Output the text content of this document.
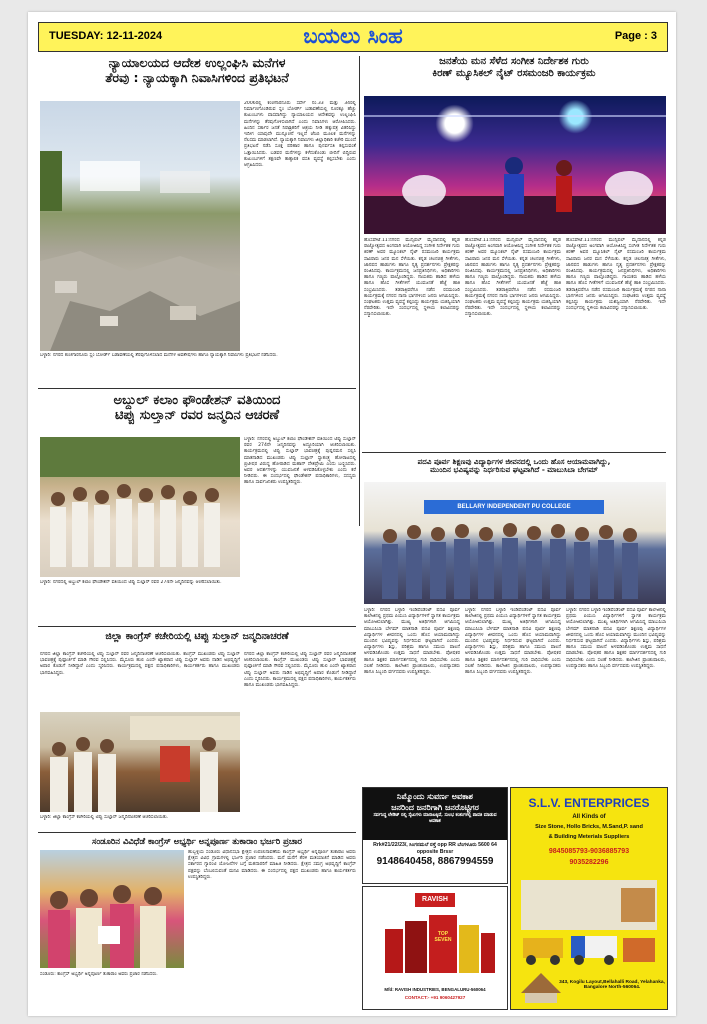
TUESDAY: 12-11-2024	ಬಯಲು ಸಿಂಹ	Page : 3
ನ್ಯಾಯಾಲಯದ ಆದೇಶ ಉಲ್ಲಂಘಿಸಿ ಮನೆಗಳ
ತೆರವು : ನ್ಯಾಯಕ್ಕಾಗಿ ನಿವಾಸಿಗಳಿಂದ ಪ್ರತಿಭಟನೆ
2006ರಲ್ಲಿ ಕಂಚಗಾರನೂರು ಸರ್ವೇ ನಂ.33 ಮತ್ತು 34ರಲ್ಲಿ ನಿರ್ಮಾಣಗೊಂಡಿರುವ ಸ್ಲಂ ಬೋರ್ಡ್ ಬಡಾವಣೆಯಲ್ಲಿ ನೂರಕ್ಕೂ ಹೆಚ್ಚು ಕುಟುಂಬಗಳು ವಾಸವಾಗಿದ್ದು ನ್ಯಾಯಾಲಯದ ಆದೇಶವನ್ನು ಉಲ್ಲಂಘಿಸಿ ಮನೆಗಳನ್ನು ತೆರವುಗೊಳಿಸಲಾಗಿದೆ ಎಂದು ನಿವಾಸಿಗಳು ಆರೋಪಿಸಿದರು. ಹಿಂದಿನ ಸರ್ಕಾರ ಜನತೆ ನಿರಾಶ್ರಿತರಿಗೆ ಆಶ್ರಯ ನೀಡಿ ಹಕ್ಕುಪತ್ರ ವಿತರಿಸಿದ್ದು ಇದೀಗ ಯಾವುದೇ ಮುನ್ಸೂಚನೆ ಇಲ್ಲದೆ ಜೆಸಿಬಿ ಮೂಲಕ ಮನೆಗಳನ್ನು ನೆಲಸಮ ಮಾಡಲಾಗಿದೆ. ನ್ಯಾಯಕ್ಕಾಗಿ ನಿವಾಸಿಗಳು ಜಿಲ್ಲಾಧಿಕಾರಿ ಕಚೇರಿ ಮುಂದೆ ಪ್ರತಿಭಟನೆ ನಡೆಸಿ ಸೂಕ್ತ ಪರಿಹಾರ ಹಾಗೂ ಪುನರ್ವಸತಿ ಕಲ್ಪಿಸುವಂತೆ ಒತ್ತಾಯಿಸಿದರು. ಬಡವರ ಮನೆಗಳನ್ನು ಕಳೆದುಕೊಂಡು ಬೀದಿಗೆ ಬಿದ್ದಿರುವ ಕುಟುಂಬಗಳಿಗೆ ತಕ್ಷಣವೇ ತಾತ್ಕಾಲಿಕ ವಸತಿ ವ್ಯವಸ್ಥೆ ಕಲ್ಪಿಸಬೇಕು ಎಂದು ಆಗ್ರಹಿಸಿದರು.
ಬಳ್ಳಾರಿ: ನಗರದ ಕಂಚಗಾರನೂರು ಸ್ಲಂ ಬೋರ್ಡ್ ಬಡಾವಣೆಯಲ್ಲಿ ತೆರವುಗೊಳಿಸಲಾದ ಮನೆಗಳ ಅವಶೇಷಗಳು ಹಾಗೂ ನ್ಯಾಯಕ್ಕಾಗಿ ನಿವಾಸಿಗಳು ಪ್ರತಿಭಟನೆ ನಡೆಸಿದರು.
ಜನತೆಯ ಮನ ಸೆಳೆದ ಸಂಗೀತ ನಿರ್ದೇಶಕ ಗುರು
ಕಿರಣ್ ಮ್ಯೂಸಿಕಲ್ ನೈಟ್ ರಸಮಂಜರಿ ಕಾರ್ಯಕ್ರಮ
ಹೊಸಪೇಟೆ.11:ನಗರದ ಮುನ್ಸಿಪಲ್ ಮೈದಾನದಲ್ಲಿ ಕನ್ನಡ ರಾಜ್ಯೋತ್ಸವದ ಅಂಗವಾಗಿ ಆಯೋಜಿಸಿದ್ದ ಸಂಗೀತ ನಿರ್ದೇಶಕ ಗುರು ಕಿರಣ್ ಅವರ ಮ್ಯೂಸಿಕಲ್ ನೈಟ್ ರಸಮಂಜರಿ ಕಾರ್ಯಕ್ರಮ ಸಾವಿರಾರು ಜನರ ಮನ ಸೆಳೆಯಿತು. ಕನ್ನಡ ಚಲನಚಿತ್ರ ಗೀತೆಗಳು, ಜಾನಪದ ಹಾಡುಗಳು ಹಾಗೂ ನೃತ್ಯ ಪ್ರದರ್ಶನಗಳು ಪ್ರೇಕ್ಷಕರನ್ನು ರಂಜಿಸಿದವು. ಕಾರ್ಯಕ್ರಮದಲ್ಲಿ ಜನಪ್ರತಿನಿಧಿಗಳು, ಅಧಿಕಾರಿಗಳು ಹಾಗೂ ಗಣ್ಯರು ಪಾಲ್ಗೊಂಡಿದ್ದರು. ಗಾಯಕರು ಹಾಡಿದ ಹಳೆಯ ಹಾಗೂ ಹೊಸ ಗೀತೆಗಳಿಗೆ ಯುವಜನತೆ ಹೆಜ್ಜೆ ಹಾಕಿ ಸಂಭ್ರಮಿಸಿದರು. ತಡರಾತ್ರಿವರೆಗೂ ನಡೆದ ರಸಮಂಜರಿ ಕಾರ್ಯಕ್ರಮಕ್ಕೆ ನಗರದ ನಾನಾ ಭಾಗಗಳಿಂದ ಜನರು ಆಗಮಿಸಿದ್ದರು. ಸಂಘಟಕರು ಉತ್ತಮ ವ್ಯವಸ್ಥೆ ಕಲ್ಪಿಸಿದ್ದು ಕಾರ್ಯಕ್ರಮ ಯಶಸ್ವಿಯಾಗಿ ನೆರವೇರಿತು. ಇದೇ ಸಂದರ್ಭದಲ್ಲಿ ಸ್ಥಳೀಯ ಕಲಾವಿದರನ್ನು ಸನ್ಮಾನಿಸಲಾಯಿತು.
ಹೊಸಪೇಟೆ.11:ನಗರದ ಮುನ್ಸಿಪಲ್ ಮೈದಾನದಲ್ಲಿ ಕನ್ನಡ ರಾಜ್ಯೋತ್ಸವದ ಅಂಗವಾಗಿ ಆಯೋಜಿಸಿದ್ದ ಸಂಗೀತ ನಿರ್ದೇಶಕ ಗುರು ಕಿರಣ್ ಅವರ ಮ್ಯೂಸಿಕಲ್ ನೈಟ್ ರಸಮಂಜರಿ ಕಾರ್ಯಕ್ರಮ ಸಾವಿರಾರು ಜನರ ಮನ ಸೆಳೆಯಿತು. ಕನ್ನಡ ಚಲನಚಿತ್ರ ಗೀತೆಗಳು, ಜಾನಪದ ಹಾಡುಗಳು ಹಾಗೂ ನೃತ್ಯ ಪ್ರದರ್ಶನಗಳು ಪ್ರೇಕ್ಷಕರನ್ನು ರಂಜಿಸಿದವು. ಕಾರ್ಯಕ್ರಮದಲ್ಲಿ ಜನಪ್ರತಿನಿಧಿಗಳು, ಅಧಿಕಾರಿಗಳು ಹಾಗೂ ಗಣ್ಯರು ಪಾಲ್ಗೊಂಡಿದ್ದರು. ಗಾಯಕರು ಹಾಡಿದ ಹಳೆಯ ಹಾಗೂ ಹೊಸ ಗೀತೆಗಳಿಗೆ ಯುವಜನತೆ ಹೆಜ್ಜೆ ಹಾಕಿ ಸಂಭ್ರಮಿಸಿದರು. ತಡರಾತ್ರಿವರೆಗೂ ನಡೆದ ರಸಮಂಜರಿ ಕಾರ್ಯಕ್ರಮಕ್ಕೆ ನಗರದ ನಾನಾ ಭಾಗಗಳಿಂದ ಜನರು ಆಗಮಿಸಿದ್ದರು. ಸಂಘಟಕರು ಉತ್ತಮ ವ್ಯವಸ್ಥೆ ಕಲ್ಪಿಸಿದ್ದು ಕಾರ್ಯಕ್ರಮ ಯಶಸ್ವಿಯಾಗಿ ನೆರವೇರಿತು. ಇದೇ ಸಂದರ್ಭದಲ್ಲಿ ಸ್ಥಳೀಯ ಕಲಾವಿದರನ್ನು ಸನ್ಮಾನಿಸಲಾಯಿತು.
ಹೊಸಪೇಟೆ.11:ನಗರದ ಮುನ್ಸಿಪಲ್ ಮೈದಾನದಲ್ಲಿ ಕನ್ನಡ ರಾಜ್ಯೋತ್ಸವದ ಅಂಗವಾಗಿ ಆಯೋಜಿಸಿದ್ದ ಸಂಗೀತ ನಿರ್ದೇಶಕ ಗುರು ಕಿರಣ್ ಅವರ ಮ್ಯೂಸಿಕಲ್ ನೈಟ್ ರಸಮಂಜರಿ ಕಾರ್ಯಕ್ರಮ ಸಾವಿರಾರು ಜನರ ಮನ ಸೆಳೆಯಿತು. ಕನ್ನಡ ಚಲನಚಿತ್ರ ಗೀತೆಗಳು, ಜಾನಪದ ಹಾಡುಗಳು ಹಾಗೂ ನೃತ್ಯ ಪ್ರದರ್ಶನಗಳು ಪ್ರೇಕ್ಷಕರನ್ನು ರಂಜಿಸಿದವು. ಕಾರ್ಯಕ್ರಮದಲ್ಲಿ ಜನಪ್ರತಿನಿಧಿಗಳು, ಅಧಿಕಾರಿಗಳು ಹಾಗೂ ಗಣ್ಯರು ಪಾಲ್ಗೊಂಡಿದ್ದರು. ಗಾಯಕರು ಹಾಡಿದ ಹಳೆಯ ಹಾಗೂ ಹೊಸ ಗೀತೆಗಳಿಗೆ ಯುವಜನತೆ ಹೆಜ್ಜೆ ಹಾಕಿ ಸಂಭ್ರಮಿಸಿದರು. ತಡರಾತ್ರಿವರೆಗೂ ನಡೆದ ರಸಮಂಜರಿ ಕಾರ್ಯಕ್ರಮಕ್ಕೆ ನಗರದ ನಾನಾ ಭಾಗಗಳಿಂದ ಜನರು ಆಗಮಿಸಿದ್ದರು. ಸಂಘಟಕರು ಉತ್ತಮ ವ್ಯವಸ್ಥೆ ಕಲ್ಪಿಸಿದ್ದು ಕಾರ್ಯಕ್ರಮ ಯಶಸ್ವಿಯಾಗಿ ನೆರವೇರಿತು. ಇದೇ ಸಂದರ್ಭದಲ್ಲಿ ಸ್ಥಳೀಯ ಕಲಾವಿದರನ್ನು ಸನ್ಮಾನಿಸಲಾಯಿತು.
ಅಬ್ದುಲ್ ಕಲಾಂ ಫೌಂಡೇಶನ್ ವತಿಯಿಂದ
ಟಿಪ್ಪು ಸುಲ್ತಾನ್ ರವರ ಜನ್ಮದಿನ ಆಚರಣೆ
ಬಳ್ಳಾರಿ: ನಗರದಲ್ಲಿ ಅಬ್ದುಲ್ ಕಲಾಂ ಫೌಂಡೇಶನ್ ವತಿಯಿಂದ ಟಿಪ್ಪು ಸುಲ್ತಾನ್ ರವರ 274ನೇ ಜನ್ಮದಿನವನ್ನು ಅದ್ದೂರಿಯಾಗಿ ಆಚರಿಸಲಾಯಿತು. ಕಾರ್ಯಕ್ರಮದಲ್ಲಿ ಟಿಪ್ಪು ಸುಲ್ತಾನ್ ಭಾವಚಿತ್ರಕ್ಕೆ ಪುಷ್ಪನಮನ ಸಲ್ಲಿಸಿ ಮಾತನಾಡಿದ ಮುಖಂಡರು ಟಿಪ್ಪು ಸುಲ್ತಾನ್ ಸ್ವಾತಂತ್ರ್ಯ ಹೋರಾಟದಲ್ಲಿ ಬ್ರಿಟೀಷರ ವಿರುದ್ಧ ಹೋರಾಡಿದ ಮಹಾನ್ ದೇಶಪ್ರೇಮಿ ಎಂದು ಬಣ್ಣಿಸಿದರು. ಅವರ ಆದರ್ಶಗಳನ್ನು ಯುವಜನತೆ ಅಳವಡಿಸಿಕೊಳ್ಳಬೇಕು ಎಂದು ಕರೆ ನೀಡಿದರು. ಈ ಸಂದರ್ಭದಲ್ಲಿ ಫೌಂಡೇಶನ್ ಪದಾಧಿಕಾರಿಗಳು, ಸದಸ್ಯರು ಹಾಗೂ ಸಾರ್ವಜನಿಕರು ಉಪಸ್ಥಿತರಿದ್ದರು.
ಬಳ್ಳಾರಿ: ನಗರದಲ್ಲಿ ಅಬ್ದುಲ್ ಕಲಾಂ ಫೌಂಡೇಶನ್ ವತಿಯಿಂದ ಟಿಪ್ಪು ಸುಲ್ತಾನ್ ರವರ 274ನೇ ಜನ್ಮದಿನವನ್ನು ಆಚರಿಸಲಾಯಿತು.
ಪದವಿ ಪೂರ್ವ ಶಿಕ್ಷಣವು ವಿದ್ಯಾರ್ಥಿಗಳ ಜೀವನದಲ್ಲಿ ಒಂದು ಹೊಸ ಆಯಾಮವಾಗಿದ್ದು,
ಮುಂದಿನ ಭವಿಷ್ಯವನ್ನು ನಿರ್ಧರಿಸುವ ಘಟ್ಟವಾಗಿದೆ - ಮಾಬುಸಿಬಾ ಬೇಗಮ್
BELLARY INDEPENDENT PU COLLEGE
ಬಳ್ಳಾರಿ: ನಗರದ ಬಳ್ಳಾರಿ ಇಂಡಿಪೆಂಡೆಂಟ್ ಪದವಿ ಪೂರ್ವ ಕಾಲೇಜಿನಲ್ಲಿ ಪ್ರಥಮ ಪಿಯುಸಿ ವಿದ್ಯಾರ್ಥಿಗಳಿಗೆ ಸ್ವಾಗತ ಕಾರ್ಯಕ್ರಮ ಆಯೋಜಿಸಲಾಗಿತ್ತು. ಮುಖ್ಯ ಅತಿಥಿಗಳಾಗಿ ಆಗಮಿಸಿದ್ದ ಮಾಬುಸಿಬಾ ಬೇಗಮ್ ಮಾತನಾಡಿ ಪದವಿ ಪೂರ್ವ ಶಿಕ್ಷಣವು ವಿದ್ಯಾರ್ಥಿಗಳ ಜೀವನದಲ್ಲಿ ಒಂದು ಹೊಸ ಆಯಾಮವಾಗಿದ್ದು ಮುಂದಿನ ಭವಿಷ್ಯವನ್ನು ನಿರ್ಧರಿಸುವ ಘಟ್ಟವಾಗಿದೆ ಎಂದರು. ವಿದ್ಯಾರ್ಥಿಗಳು ಶಿಸ್ತು, ಪರಿಶ್ರಮ ಹಾಗೂ ಸಮಯ ಪಾಲನೆ ಅಳವಡಿಸಿಕೊಂಡು ಉತ್ತಮ ಸಾಧನೆ ಮಾಡಬೇಕು. ಪೋಷಕರ ಹಾಗೂ ಶಿಕ್ಷಕರ ಮಾರ್ಗದರ್ಶನದಲ್ಲಿ ಗುರಿ ಸಾಧಿಸಬೇಕು ಎಂದು ಸಲಹೆ ನೀಡಿದರು. ಕಾಲೇಜಿನ ಪ್ರಾಂಶುಪಾಲರು, ಉಪನ್ಯಾಸಕರು ಹಾಗೂ ಸಿಬ್ಬಂದಿ ವರ್ಗದವರು ಉಪಸ್ಥಿತರಿದ್ದರು.
ಬಳ್ಳಾರಿ: ನಗರದ ಬಳ್ಳಾರಿ ಇಂಡಿಪೆಂಡೆಂಟ್ ಪದವಿ ಪೂರ್ವ ಕಾಲೇಜಿನಲ್ಲಿ ಪ್ರಥಮ ಪಿಯುಸಿ ವಿದ್ಯಾರ್ಥಿಗಳಿಗೆ ಸ್ವಾಗತ ಕಾರ್ಯಕ್ರಮ ಆಯೋಜಿಸಲಾಗಿತ್ತು. ಮುಖ್ಯ ಅತಿಥಿಗಳಾಗಿ ಆಗಮಿಸಿದ್ದ ಮಾಬುಸಿಬಾ ಬೇಗಮ್ ಮಾತನಾಡಿ ಪದವಿ ಪೂರ್ವ ಶಿಕ್ಷಣವು ವಿದ್ಯಾರ್ಥಿಗಳ ಜೀವನದಲ್ಲಿ ಒಂದು ಹೊಸ ಆಯಾಮವಾಗಿದ್ದು ಮುಂದಿನ ಭವಿಷ್ಯವನ್ನು ನಿರ್ಧರಿಸುವ ಘಟ್ಟವಾಗಿದೆ ಎಂದರು. ವಿದ್ಯಾರ್ಥಿಗಳು ಶಿಸ್ತು, ಪರಿಶ್ರಮ ಹಾಗೂ ಸಮಯ ಪಾಲನೆ ಅಳವಡಿಸಿಕೊಂಡು ಉತ್ತಮ ಸಾಧನೆ ಮಾಡಬೇಕು. ಪೋಷಕರ ಹಾಗೂ ಶಿಕ್ಷಕರ ಮಾರ್ಗದರ್ಶನದಲ್ಲಿ ಗುರಿ ಸಾಧಿಸಬೇಕು ಎಂದು ಸಲಹೆ ನೀಡಿದರು. ಕಾಲೇಜಿನ ಪ್ರಾಂಶುಪಾಲರು, ಉಪನ್ಯಾಸಕರು ಹಾಗೂ ಸಿಬ್ಬಂದಿ ವರ್ಗದವರು ಉಪಸ್ಥಿತರಿದ್ದರು.
ಬಳ್ಳಾರಿ: ನಗರದ ಬಳ್ಳಾರಿ ಇಂಡಿಪೆಂಡೆಂಟ್ ಪದವಿ ಪೂರ್ವ ಕಾಲೇಜಿನಲ್ಲಿ ಪ್ರಥಮ ಪಿಯುಸಿ ವಿದ್ಯಾರ್ಥಿಗಳಿಗೆ ಸ್ವಾಗತ ಕಾರ್ಯಕ್ರಮ ಆಯೋಜಿಸಲಾಗಿತ್ತು. ಮುಖ್ಯ ಅತಿಥಿಗಳಾಗಿ ಆಗಮಿಸಿದ್ದ ಮಾಬುಸಿಬಾ ಬೇಗಮ್ ಮಾತನಾಡಿ ಪದವಿ ಪೂರ್ವ ಶಿಕ್ಷಣವು ವಿದ್ಯಾರ್ಥಿಗಳ ಜೀವನದಲ್ಲಿ ಒಂದು ಹೊಸ ಆಯಾಮವಾಗಿದ್ದು ಮುಂದಿನ ಭವಿಷ್ಯವನ್ನು ನಿರ್ಧರಿಸುವ ಘಟ್ಟವಾಗಿದೆ ಎಂದರು. ವಿದ್ಯಾರ್ಥಿಗಳು ಶಿಸ್ತು, ಪರಿಶ್ರಮ ಹಾಗೂ ಸಮಯ ಪಾಲನೆ ಅಳವಡಿಸಿಕೊಂಡು ಉತ್ತಮ ಸಾಧನೆ ಮಾಡಬೇಕು. ಪೋಷಕರ ಹಾಗೂ ಶಿಕ್ಷಕರ ಮಾರ್ಗದರ್ಶನದಲ್ಲಿ ಗುರಿ ಸಾಧಿಸಬೇಕು ಎಂದು ಸಲಹೆ ನೀಡಿದರು. ಕಾಲೇಜಿನ ಪ್ರಾಂಶುಪಾಲರು, ಉಪನ್ಯಾಸಕರು ಹಾಗೂ ಸಿಬ್ಬಂದಿ ವರ್ಗದವರು ಉಪಸ್ಥಿತರಿದ್ದರು.
ಜಿಲ್ಲಾ ಕಾಂಗ್ರೆಸ್ ಕಚೇರಿಯಲ್ಲಿ ಟಿಪ್ಪು ಸುಲ್ತಾನ್ ಜನ್ಮದಿನಾಚರಣೆ
ನಗರದ ಜಿಲ್ಲಾ ಕಾಂಗ್ರೆಸ್ ಕಚೇರಿಯಲ್ಲಿ ಟಿಪ್ಪು ಸುಲ್ತಾನ್ ರವರ ಜನ್ಮದಿನಾಚರಣೆ ಆಚರಿಸಲಾಯಿತು. ಕಾಂಗ್ರೆಸ್ ಮುಖಂಡರು ಟಿಪ್ಪು ಸುಲ್ತಾನ್ ಭಾವಚಿತ್ರಕ್ಕೆ ಪುಷ್ಪಾರ್ಚನೆ ಮಾಡಿ ಗೌರವ ಸಲ್ಲಿಸಿದರು. ಮೈಸೂರು ಹುಲಿ ಎಂದೇ ಖ್ಯಾತರಾದ ಟಿಪ್ಪು ಸುಲ್ತಾನ್ ಅವರು ನಾಡಿನ ಅಭಿವೃದ್ಧಿಗೆ ಅಪಾರ ಕೊಡುಗೆ ನೀಡಿದ್ದಾರೆ ಎಂದು ಸ್ಮರಿಸಿದರು. ಕಾರ್ಯಕ್ರಮದಲ್ಲಿ ಪಕ್ಷದ ಪದಾಧಿಕಾರಿಗಳು, ಕಾರ್ಯಕರ್ತರು ಹಾಗೂ ಮುಖಂಡರು ಭಾಗವಹಿಸಿದ್ದರು.
ನಗರದ ಜಿಲ್ಲಾ ಕಾಂಗ್ರೆಸ್ ಕಚೇರಿಯಲ್ಲಿ ಟಿಪ್ಪು ಸುಲ್ತಾನ್ ರವರ ಜನ್ಮದಿನಾಚರಣೆ ಆಚರಿಸಲಾಯಿತು. ಕಾಂಗ್ರೆಸ್ ಮುಖಂಡರು ಟಿಪ್ಪು ಸುಲ್ತಾನ್ ಭಾವಚಿತ್ರಕ್ಕೆ ಪುಷ್ಪಾರ್ಚನೆ ಮಾಡಿ ಗೌರವ ಸಲ್ಲಿಸಿದರು. ಮೈಸೂರು ಹುಲಿ ಎಂದೇ ಖ್ಯಾತರಾದ ಟಿಪ್ಪು ಸುಲ್ತಾನ್ ಅವರು ನಾಡಿನ ಅಭಿವೃದ್ಧಿಗೆ ಅಪಾರ ಕೊಡುಗೆ ನೀಡಿದ್ದಾರೆ ಎಂದು ಸ್ಮರಿಸಿದರು. ಕಾರ್ಯಕ್ರಮದಲ್ಲಿ ಪಕ್ಷದ ಪದಾಧಿಕಾರಿಗಳು, ಕಾರ್ಯಕರ್ತರು ಹಾಗೂ ಮುಖಂಡರು ಭಾಗವಹಿಸಿದ್ದರು.
ಬಳ್ಳಾರಿ: ಜಿಲ್ಲಾ ಕಾಂಗ್ರೆಸ್ ಕಚೇರಿಯಲ್ಲಿ ಟಿಪ್ಪು ಸುಲ್ತಾನ್ ಜನ್ಮದಿನಾಚರಣೆ ಆಚರಿಸಲಾಯಿತು.
ನಿಮ್ಮೊಂದು ಸುವರ್ಣ ಅವಕಾಶ
ಜನರಿಂದ ಜನರಿಗಾಗಿ ಜನರೊಟ್ಟಿಗರ
ಸರ್ವಸಿದ್ಧ ಲೇಔಟ್ ನಲ್ಲಿ ಸೈಟುಗಳು ಮಾರಾಟಕ್ಕಿವೆ, ಸುಲಭ ಕಂತುಗಳಲ್ಲಿ ಪಾವತಿ ಮಾಡುವ ಅವಕಾಶ
Rrk#21/22/23/, ಸಿಂಗನಮಲೆ ರಸ್ತೆ opp RR ಬೆಂಗಳೂರು 5600 64 opposite Brssr
9148640458, 8867994559
RAVISH
TOP SEVEN
Mfd: RAVISH INDUSTRIES, BENGALURU-560064
CONTACT:- +91 9060427927
S.L.V. ENTERPRICES
All Kinds of
Size Stone, Hollo Bricks, M.Sand,P. sand
& Building Meterials Suppliers
9845085793-9036885793
9035282296
343, Kogilu Layout,Bellahalli Road, Yelahanka, Bangalore North-560064.
ಸಂಡೂರಿನ ವಿವಿಧೆಡೆ ಕಾಂಗ್ರೆಸ್ ಅಭ್ಯರ್ಥಿ ಅನ್ನಪೂರ್ಣ ತುಕಾರಾಂ ಭರ್ಜರಿ ಪ್ರಚಾರ
ಹುಬ್ಬಳ್ಳಿಯ ಸಂಡೂರು ವಿಧಾನಸಭಾ ಕ್ಷೇತ್ರದ ಉಪಚುನಾವಣೆಯ ಕಾಂಗ್ರೆಸ್ ಅಭ್ಯರ್ಥಿ ಅನ್ನಪೂರ್ಣ ತುಕಾರಾಂ ಅವರು ಕ್ಷೇತ್ರದ ವಿವಿಧ ಗ್ರಾಮಗಳಲ್ಲಿ ಭರ್ಜರಿ ಪ್ರಚಾರ ನಡೆಸಿದರು. ಮನೆ ಮನೆಗೆ ತೆರಳಿ ಮತಯಾಚನೆ ಮಾಡಿದ ಅವರು ಸರ್ಕಾರದ ಗ್ಯಾರಂಟಿ ಯೋಜನೆಗಳ ಬಗ್ಗೆ ಮತದಾರರಿಗೆ ಮಾಹಿತಿ ನೀಡಿದರು. ಕ್ಷೇತ್ರದ ಸಮಗ್ರ ಅಭಿವೃದ್ಧಿಗೆ ಕಾಂಗ್ರೆಸ್ ಪಕ್ಷವನ್ನು ಬೆಂಬಲಿಸುವಂತೆ ಮನವಿ ಮಾಡಿದರು. ಈ ಸಂದರ್ಭದಲ್ಲಿ ಪಕ್ಷದ ಮುಖಂಡರು ಹಾಗೂ ಕಾರ್ಯಕರ್ತರು ಉಪಸ್ಥಿತರಿದ್ದರು.
ಸಂಡೂರು: ಕಾಂಗ್ರೆಸ್ ಅಭ್ಯರ್ಥಿ ಅನ್ನಪೂರ್ಣ ತುಕಾರಾಂ ಅವರು ಪ್ರಚಾರ ನಡೆಸಿದರು.
